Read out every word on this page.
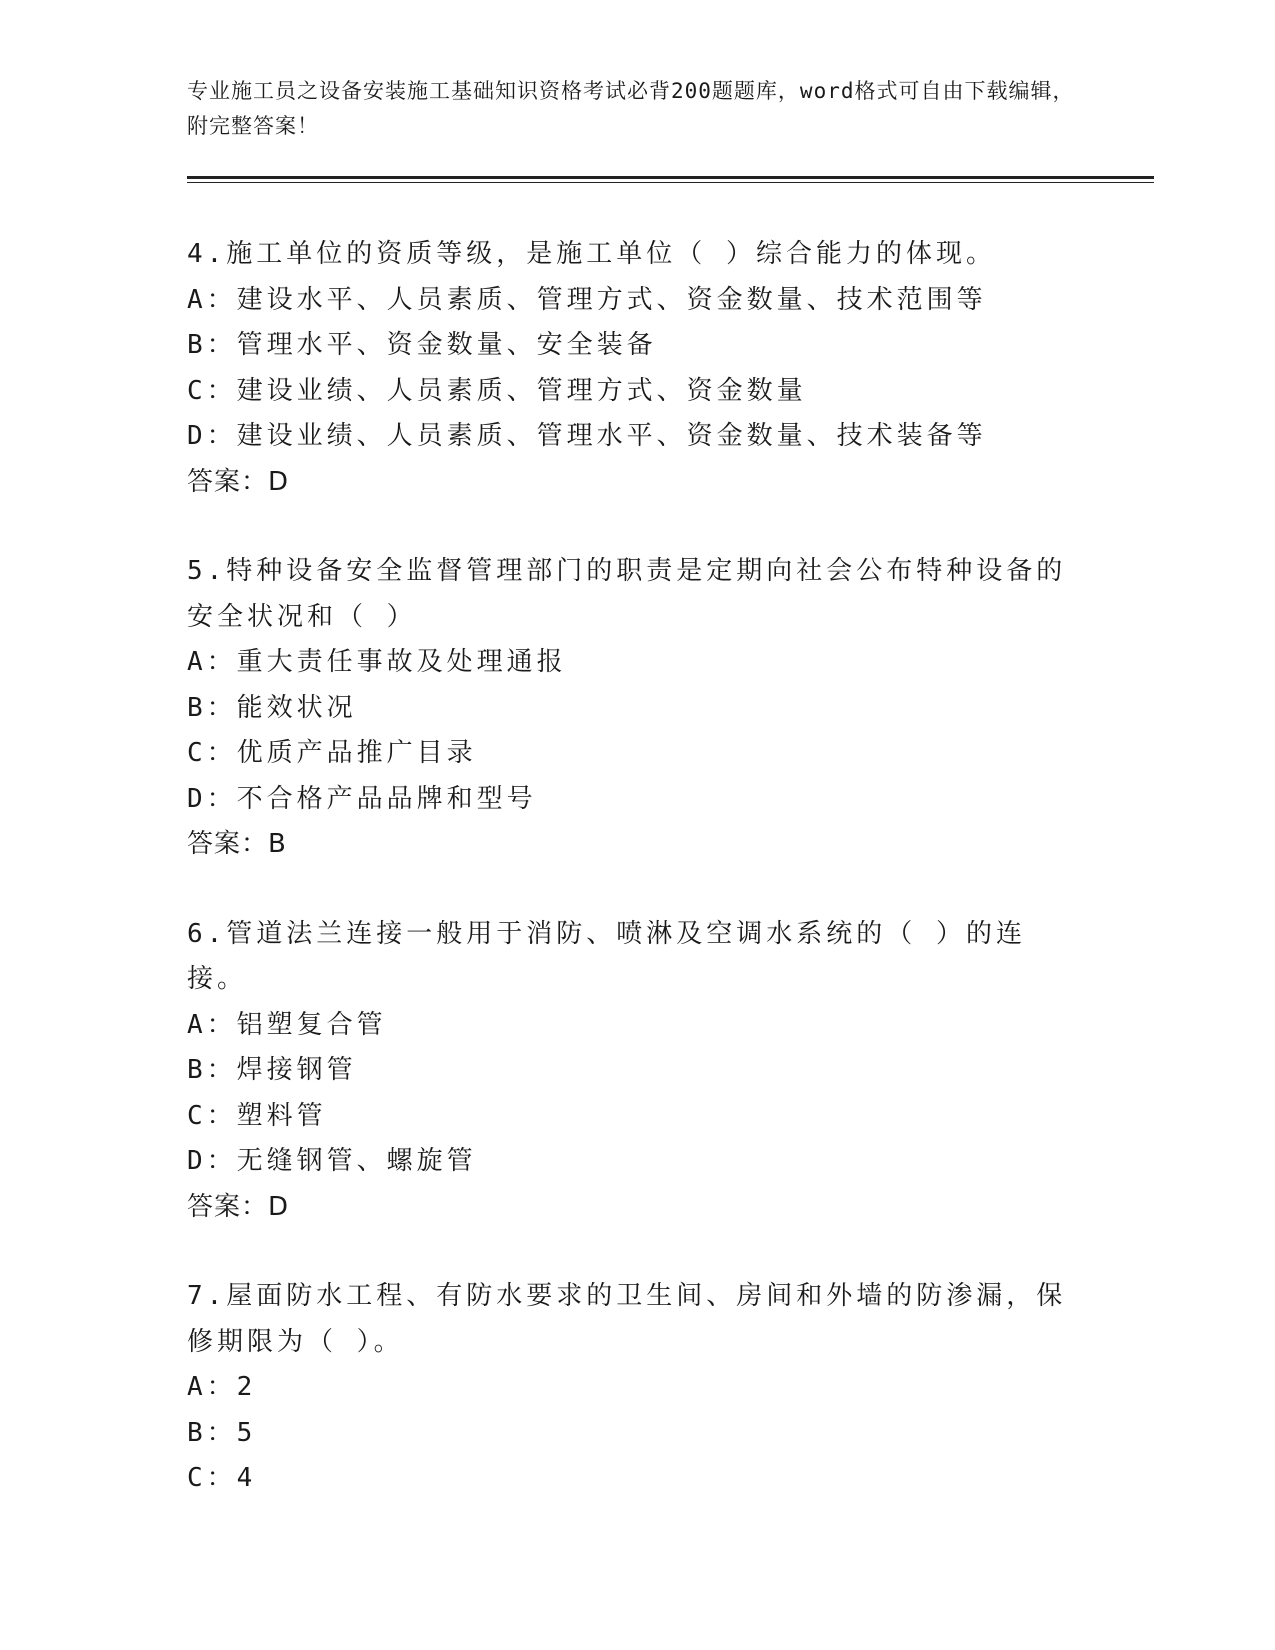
专业施工员之设备安装施工基础知识资格考试必背200题题库，word格式可自由下载编辑，附完整答案！
4.施工单位的资质等级，是施工单位（ ）综合能力的体现。
A：建设水平、人员素质、管理方式、资金数量、技术范围等
B：管理水平、资金数量、安全装备
C：建设业绩、人员素质、管理方式、资金数量
D：建设业绩、人员素质、管理水平、资金数量、技术装备等
答案：D
5.特种设备安全监督管理部门的职责是定期向社会公布特种设备的安全状况和（ ）
A：重大责任事故及处理通报
B：能效状况
C：优质产品推广目录
D：不合格产品品牌和型号
答案：B
6.管道法兰连接一般用于消防、喷淋及空调水系统的（ ）的连接。
A：铝塑复合管
B：焊接钢管
C：塑料管
D：无缝钢管、螺旋管
答案：D
7.屋面防水工程、有防水要求的卫生间、房间和外墙的防渗漏，保修期限为（ ）。
A：2
B：5
C：4
